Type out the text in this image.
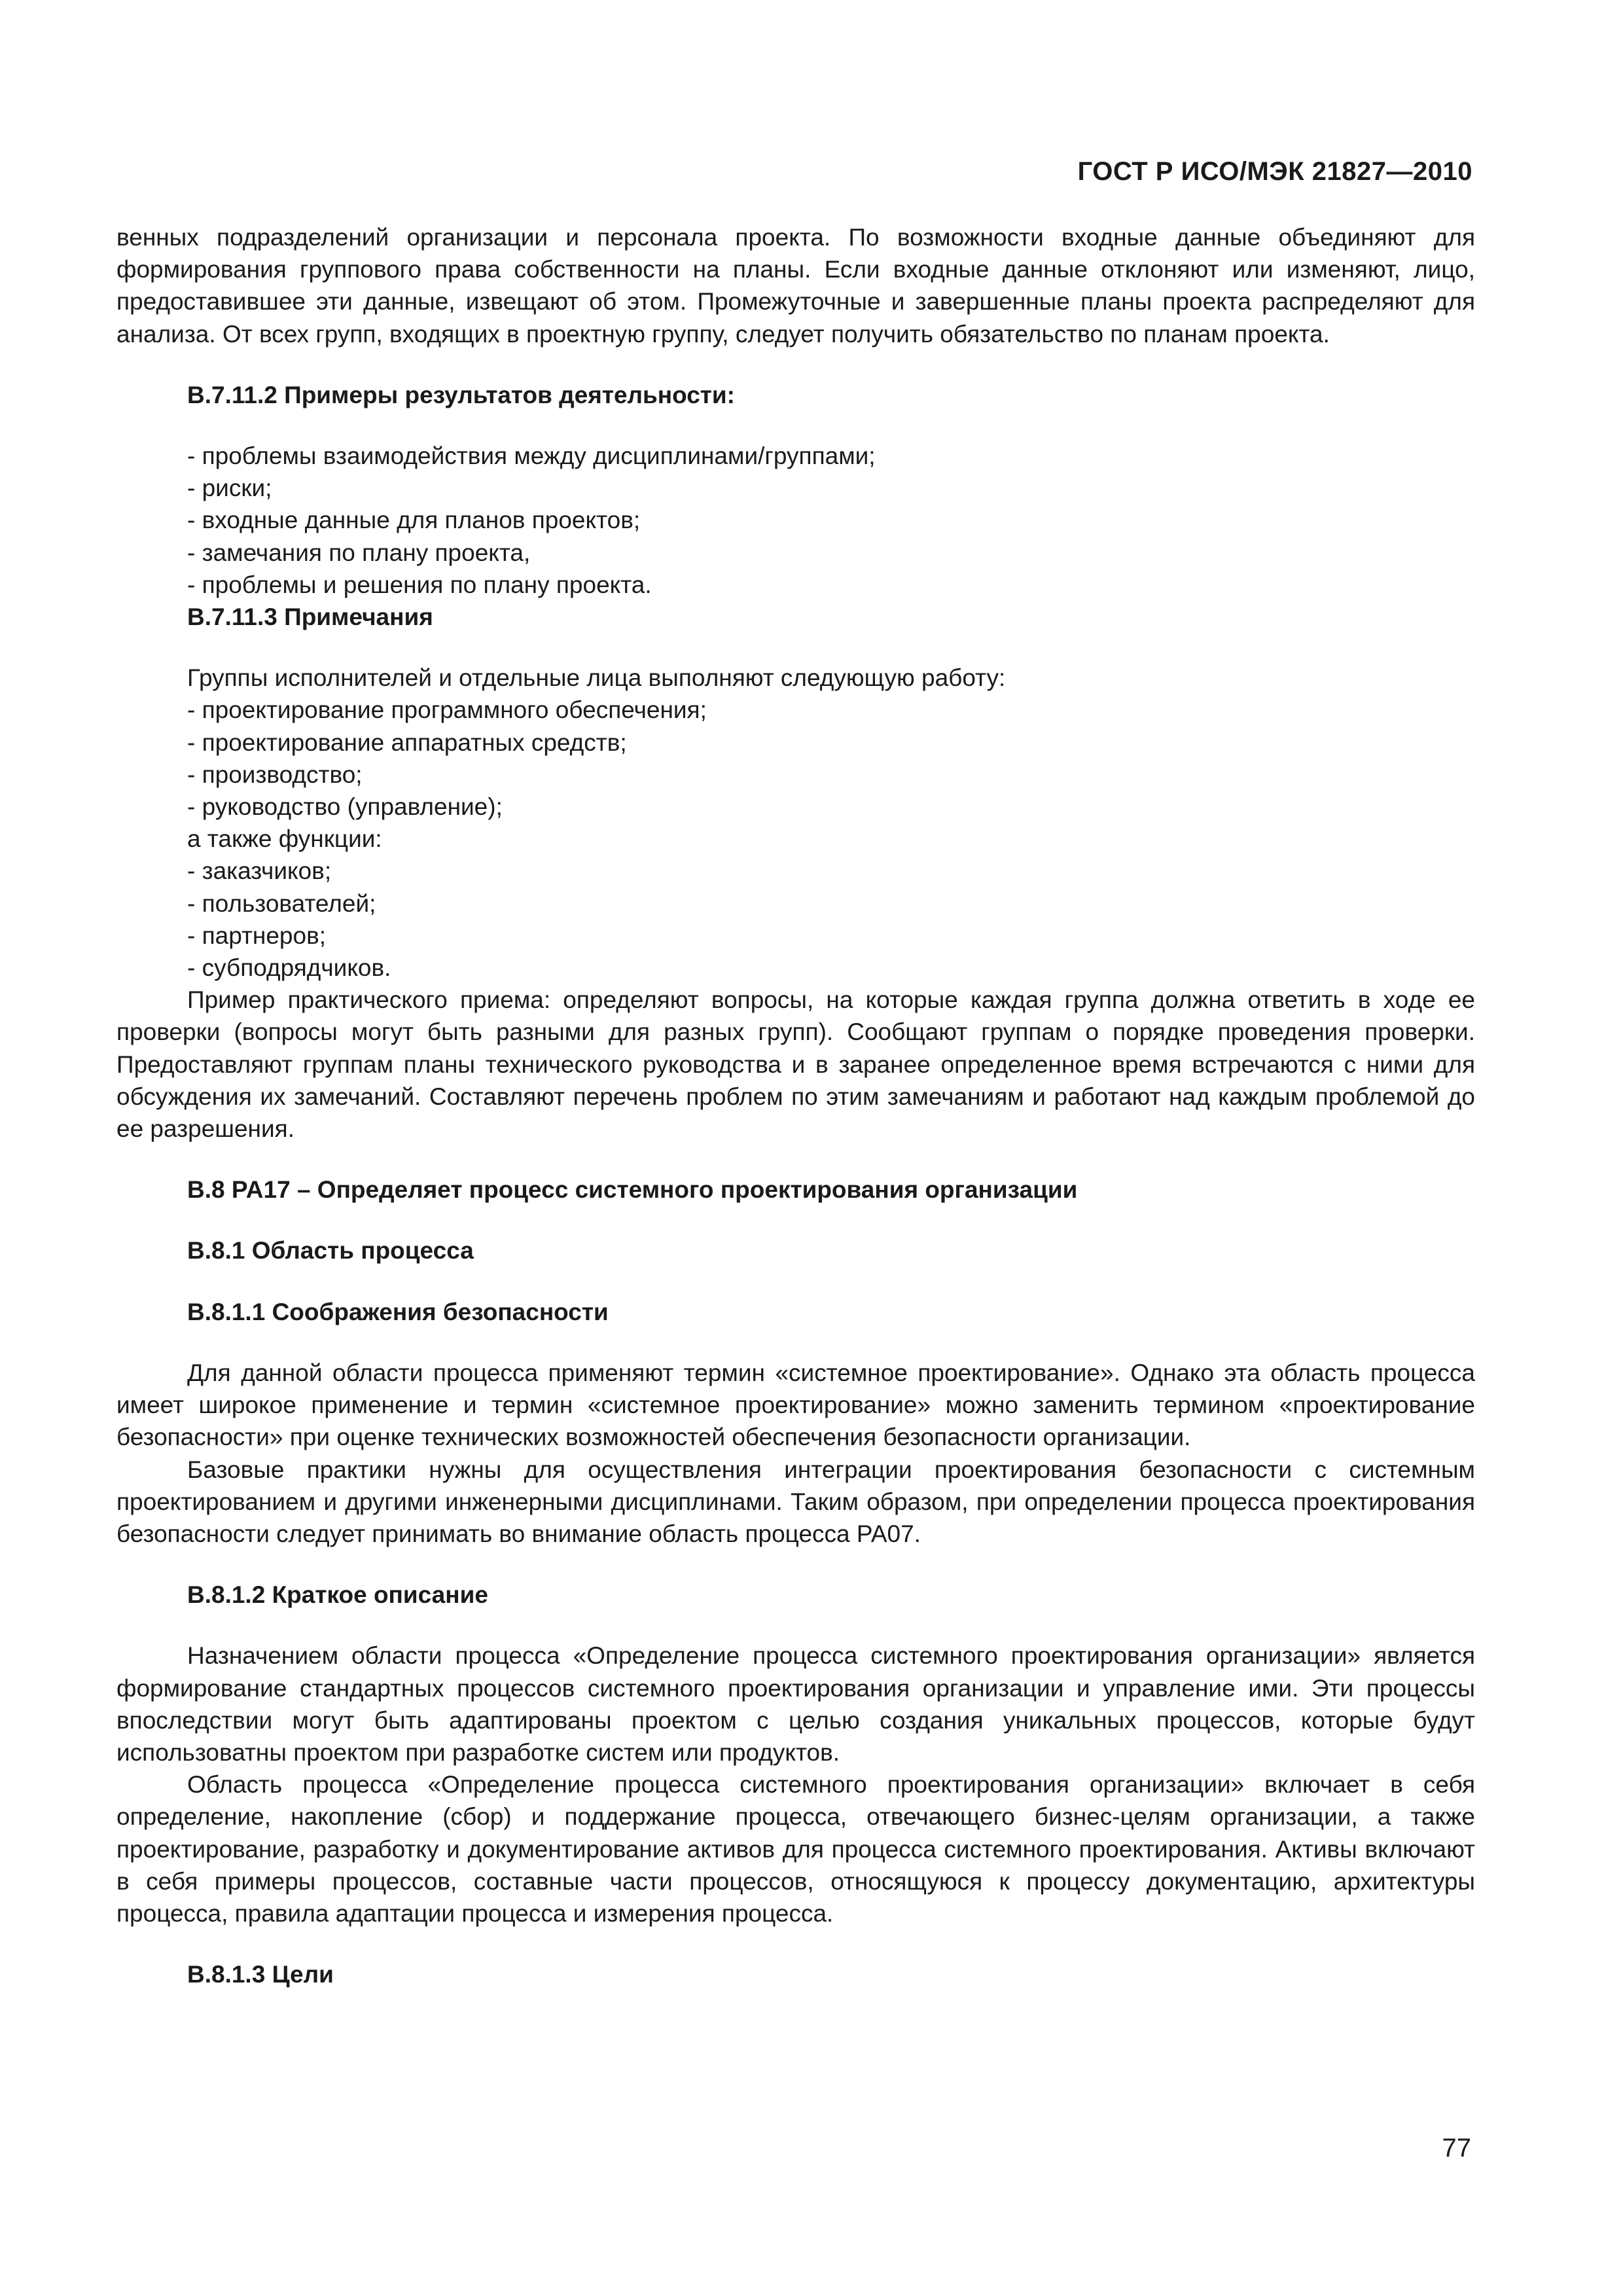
ГОСТ Р ИСО/МЭК 21827—2010
венных подразделений организации и персонала проекта. По возможности входные данные объединяют для формирования группового права собственности на планы. Если входные данные отклоняют или изменяют, лицо, предоставившее эти данные, извещают об этом. Промежуточные и завершенные планы проекта распределяют для анализа. От всех групп, входящих в проектную группу, следует получить обязательство по планам проекта.
В.7.11.2 Примеры результатов деятельности:
- проблемы взаимодействия между дисциплинами/группами;
- риски;
- входные данные для планов проектов;
- замечания по плану проекта,
- проблемы и решения по плану проекта.
В.7.11.3 Примечания
Группы исполнителей и отдельные лица выполняют следующую работу:
- проектирование программного обеспечения;
- проектирование аппаратных средств;
- производство;
- руководство (управление);
а также функции:
- заказчиков;
- пользователей;
- партнеров;
- субподрядчиков.
Пример практического приема: определяют вопросы, на которые каждая группа должна ответить в ходе ее проверки (вопросы могут быть разными для разных групп). Сообщают группам о порядке проведения проверки. Предоставляют группам планы технического руководства и в заранее определенное время встречаются с ними для обсуждения их замечаний. Составляют перечень проблем по этим замечаниям и работают над каждым проблемой до ее разрешения.
В.8 PA17 – Определяет процесс системного проектирования организации
В.8.1 Область процесса
В.8.1.1 Соображения безопасности
Для данной области процесса применяют термин «системное проектирование». Однако эта область процесса имеет широкое применение и термин «системное проектирование» можно заменить термином «проектирование безопасности» при оценке технических возможностей обеспечения безопасности организации.
Базовые практики нужны для осуществления интеграции проектирования безопасности с системным проектированием и другими инженерными дисциплинами. Таким образом, при определении процесса проектирования безопасности следует принимать во внимание область процесса PA07.
В.8.1.2 Краткое описание
Назначением области процесса «Определение процесса системного проектирования организации» является формирование стандартных процессов системного проектирования организации и управление ими. Эти процессы впоследствии могут быть адаптированы проектом с целью создания уникальных процессов, которые будут использоватны проектом при разработке систем или продуктов.
Область процесса «Определение процесса системного проектирования организации» включает в себя определение, накопление (сбор) и поддержание процесса, отвечающего бизнес-целям организации, а также проектирование, разработку и документирование активов для процесса системного проектирования. Активы включают в себя примеры процессов, составные части процессов, относящуюся к процессу документацию, архитектуры процесса, правила адаптации процесса и измерения процесса.
В.8.1.3 Цели
77
